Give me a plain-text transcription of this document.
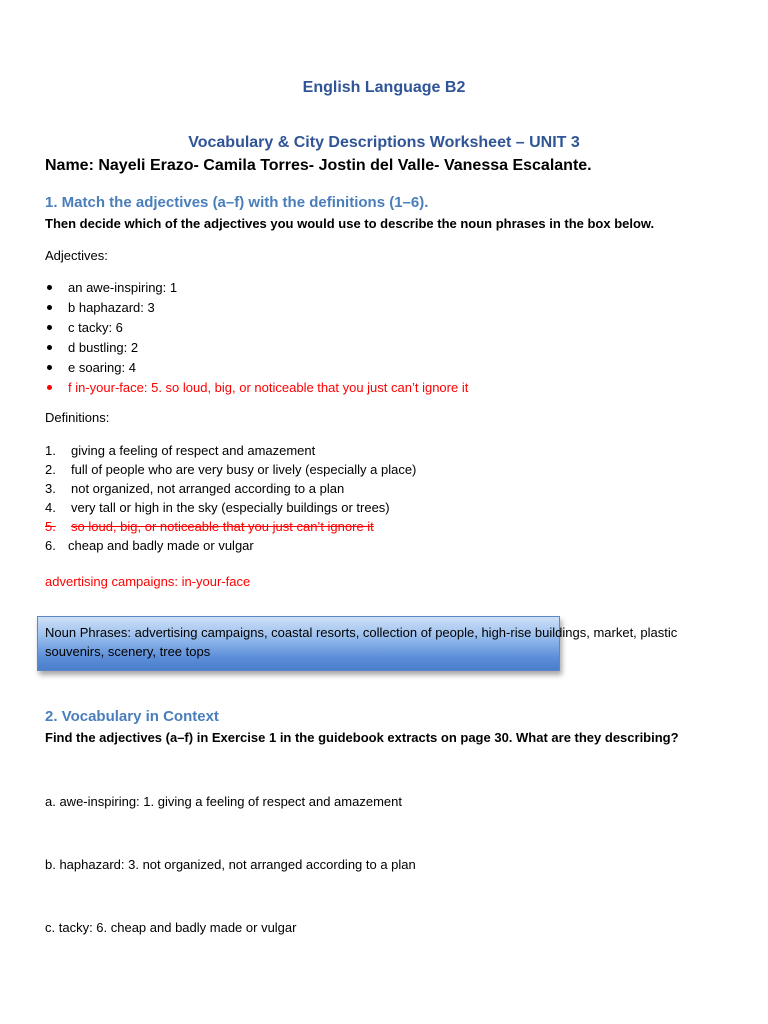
English Language B2
Vocabulary & City Descriptions Worksheet – UNIT 3
Name: Nayeli Erazo- Camila Torres- Jostin del Valle- Vanessa Escalante.
1. Match the adjectives (a–f) with the definitions (1–6).
Then decide which of the adjectives you would use to describe the noun phrases in the box below.
Adjectives:
an awe-inspiring: 1
b haphazard: 3
c tacky: 6
d bustling: 2
e soaring: 4
f in-your-face: 5. so loud, big, or noticeable that you just can’t ignore it
Definitions:
1. giving a feeling of respect and amazement
2. full of people who are very busy or lively (especially a place)
3. not organized, not arranged according to a plan
4. very tall or high in the sky (especially buildings or trees)
5. so loud, big, or noticeable that you just can’t ignore it
6. cheap and badly made or vulgar
advertising campaigns: in-your-face
Noun Phrases: advertising campaigns, coastal resorts, collection of people, high-rise buildings, market, plastic
souvenirs, scenery, tree tops
2. Vocabulary in Context
Find the adjectives (a–f) in Exercise 1 in the guidebook extracts on page 30. What are they describing?
a. awe-inspiring: 1. giving a feeling of respect and amazement
b. haphazard: 3. not organized, not arranged according to a plan
c. tacky: 6. cheap and badly made or vulgar
